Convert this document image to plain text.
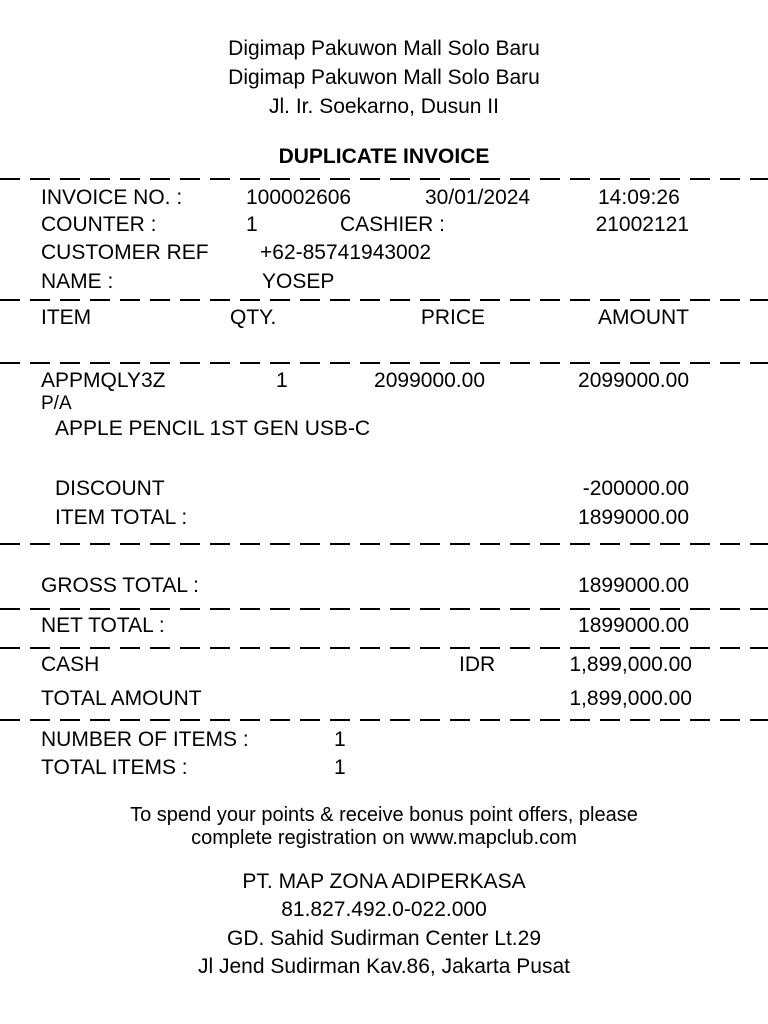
Digimap Pakuwon Mall Solo Baru
Digimap Pakuwon Mall Solo Baru
Jl. Ir. Soekarno, Dusun II
DUPLICATE INVOICE
INVOICE NO. :	100002606	30/01/2024	14:09:26
COUNTER :	1	CASHIER :	21002121
CUSTOMER REF +62-85741943002
NAME :	YOSEP
ITEM	QTY.	PRICE	AMOUNT
APPMQLY3Z	1	2099000.00	2099000.00
P/A
APPLE PENCIL 1ST GEN USB-C
DISCOUNT	-200000.00
ITEM TOTAL :	1899000.00
GROSS TOTAL :	1899000.00
NET TOTAL :	1899000.00
CASH	IDR	1,899,000.00
TOTAL AMOUNT	1,899,000.00
NUMBER OF ITEMS :	1
TOTAL ITEMS :	1
To spend your points & receive bonus point offers, please
complete registration on www.mapclub.com
PT. MAP ZONA ADIPERKASA
81.827.492.0-022.000
GD. Sahid Sudirman Center Lt.29
Jl Jend Sudirman Kav.86, Jakarta Pusat
